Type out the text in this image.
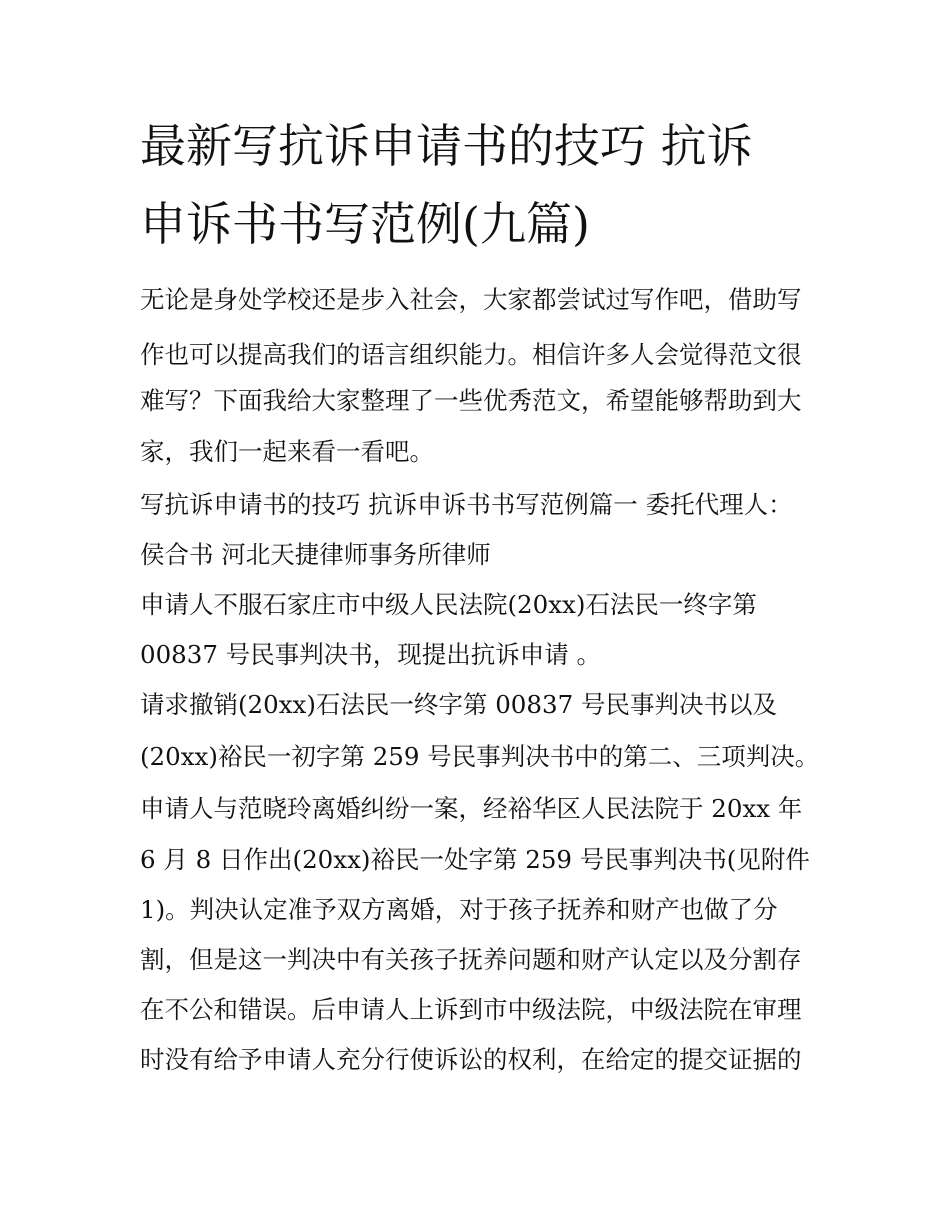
最新写抗诉申请书的技巧 抗诉
申诉书书写范例(九篇)

无论是身处学校还是步入社会，大家都尝试过写作吧，借助写

作也可以提高我们的语言组织能力。相信许多人会觉得范文很

难写？下面我给大家整理了一些优秀范文，希望能够帮助到大

家，我们一起来看一看吧。

写抗诉申请书的技巧 抗诉申诉书书写范例篇一 委托代理人：

侯合书 河北天捷律师事务所律师

申请人不服石家庄市中级人民法院(20xx)石法民一终字第

00837 号民事判决书，现提出抗诉申请 。

请求撤销(20xx)石法民一终字第 00837 号民事判决书以及

(20xx)裕民一初字第 259 号民事判决书中的第二、三项判决。

申请人与范晓玲离婚纠纷一案，经裕华区人民法院于 20xx 年

6 月 8 日作出(20xx)裕民一处字第 259 号民事判决书(见附件

1)。判决认定准予双方离婚，对于孩子抚养和财产也做了分

割，但是这一判决中有关孩子抚养问题和财产认定以及分割存

在不公和错误。后申请人上诉到市中级法院，中级法院在审理

时没有给予申请人充分行使诉讼的权利，在给定的提交证据的
